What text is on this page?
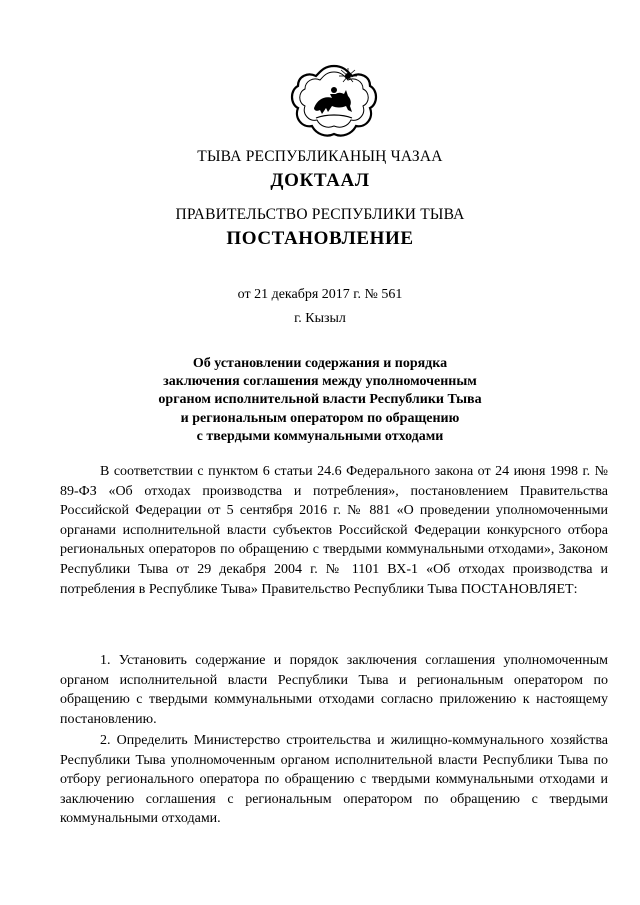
ТЫВА РЕСПУБЛИКАНЫҢ ЧАЗАА

ДОКТААЛ

ПРАВИТЕЛЬСТВО РЕСПУБЛИКИ ТЫВА

ПОСТАНОВЛЕНИЕ

от 21 декабря 2017 г. № 561

г. Кызыл

Об установлении содержания и порядка
заключения соглашения между уполномоченным
органом исполнительной власти Республики Тыва
и региональным оператором по обращению
с твердыми коммунальными отходами

В соответствии с пунктом 6 статьи 24.6 Федерального закона от 24 июня 1998 г. № 89-ФЗ «Об отходах производства и потребления», постановлением Правительства Российской Федерации от 5 сентября 2016 г. № 881 «О проведении уполномоченными органами исполнительной власти субъектов Российской Федерации конкурсного отбора региональных операторов по обращению с твердыми коммунальными отходами», Законом Республики Тыва от 29 декабря 2004 г. № 1101 ВХ-1 «Об отходах производства и потребления в Республике Тыва» Правительство Республики Тыва ПОСТАНОВЛЯЕТ:

1. Установить содержание и порядок заключения соглашения уполномоченным органом исполнительной власти Республики Тыва и региональным оператором по обращению с твердыми коммунальными отходами согласно приложению к настоящему постановлению.

2. Определить Министерство строительства и жилищно-коммунального хозяйства Республики Тыва уполномоченным органом исполнительной власти Республики Тыва по отбору регионального оператора по обращению с твердыми коммунальными отходами и заключению соглашения с региональным оператором по обращению с твердыми коммунальными отходами.
